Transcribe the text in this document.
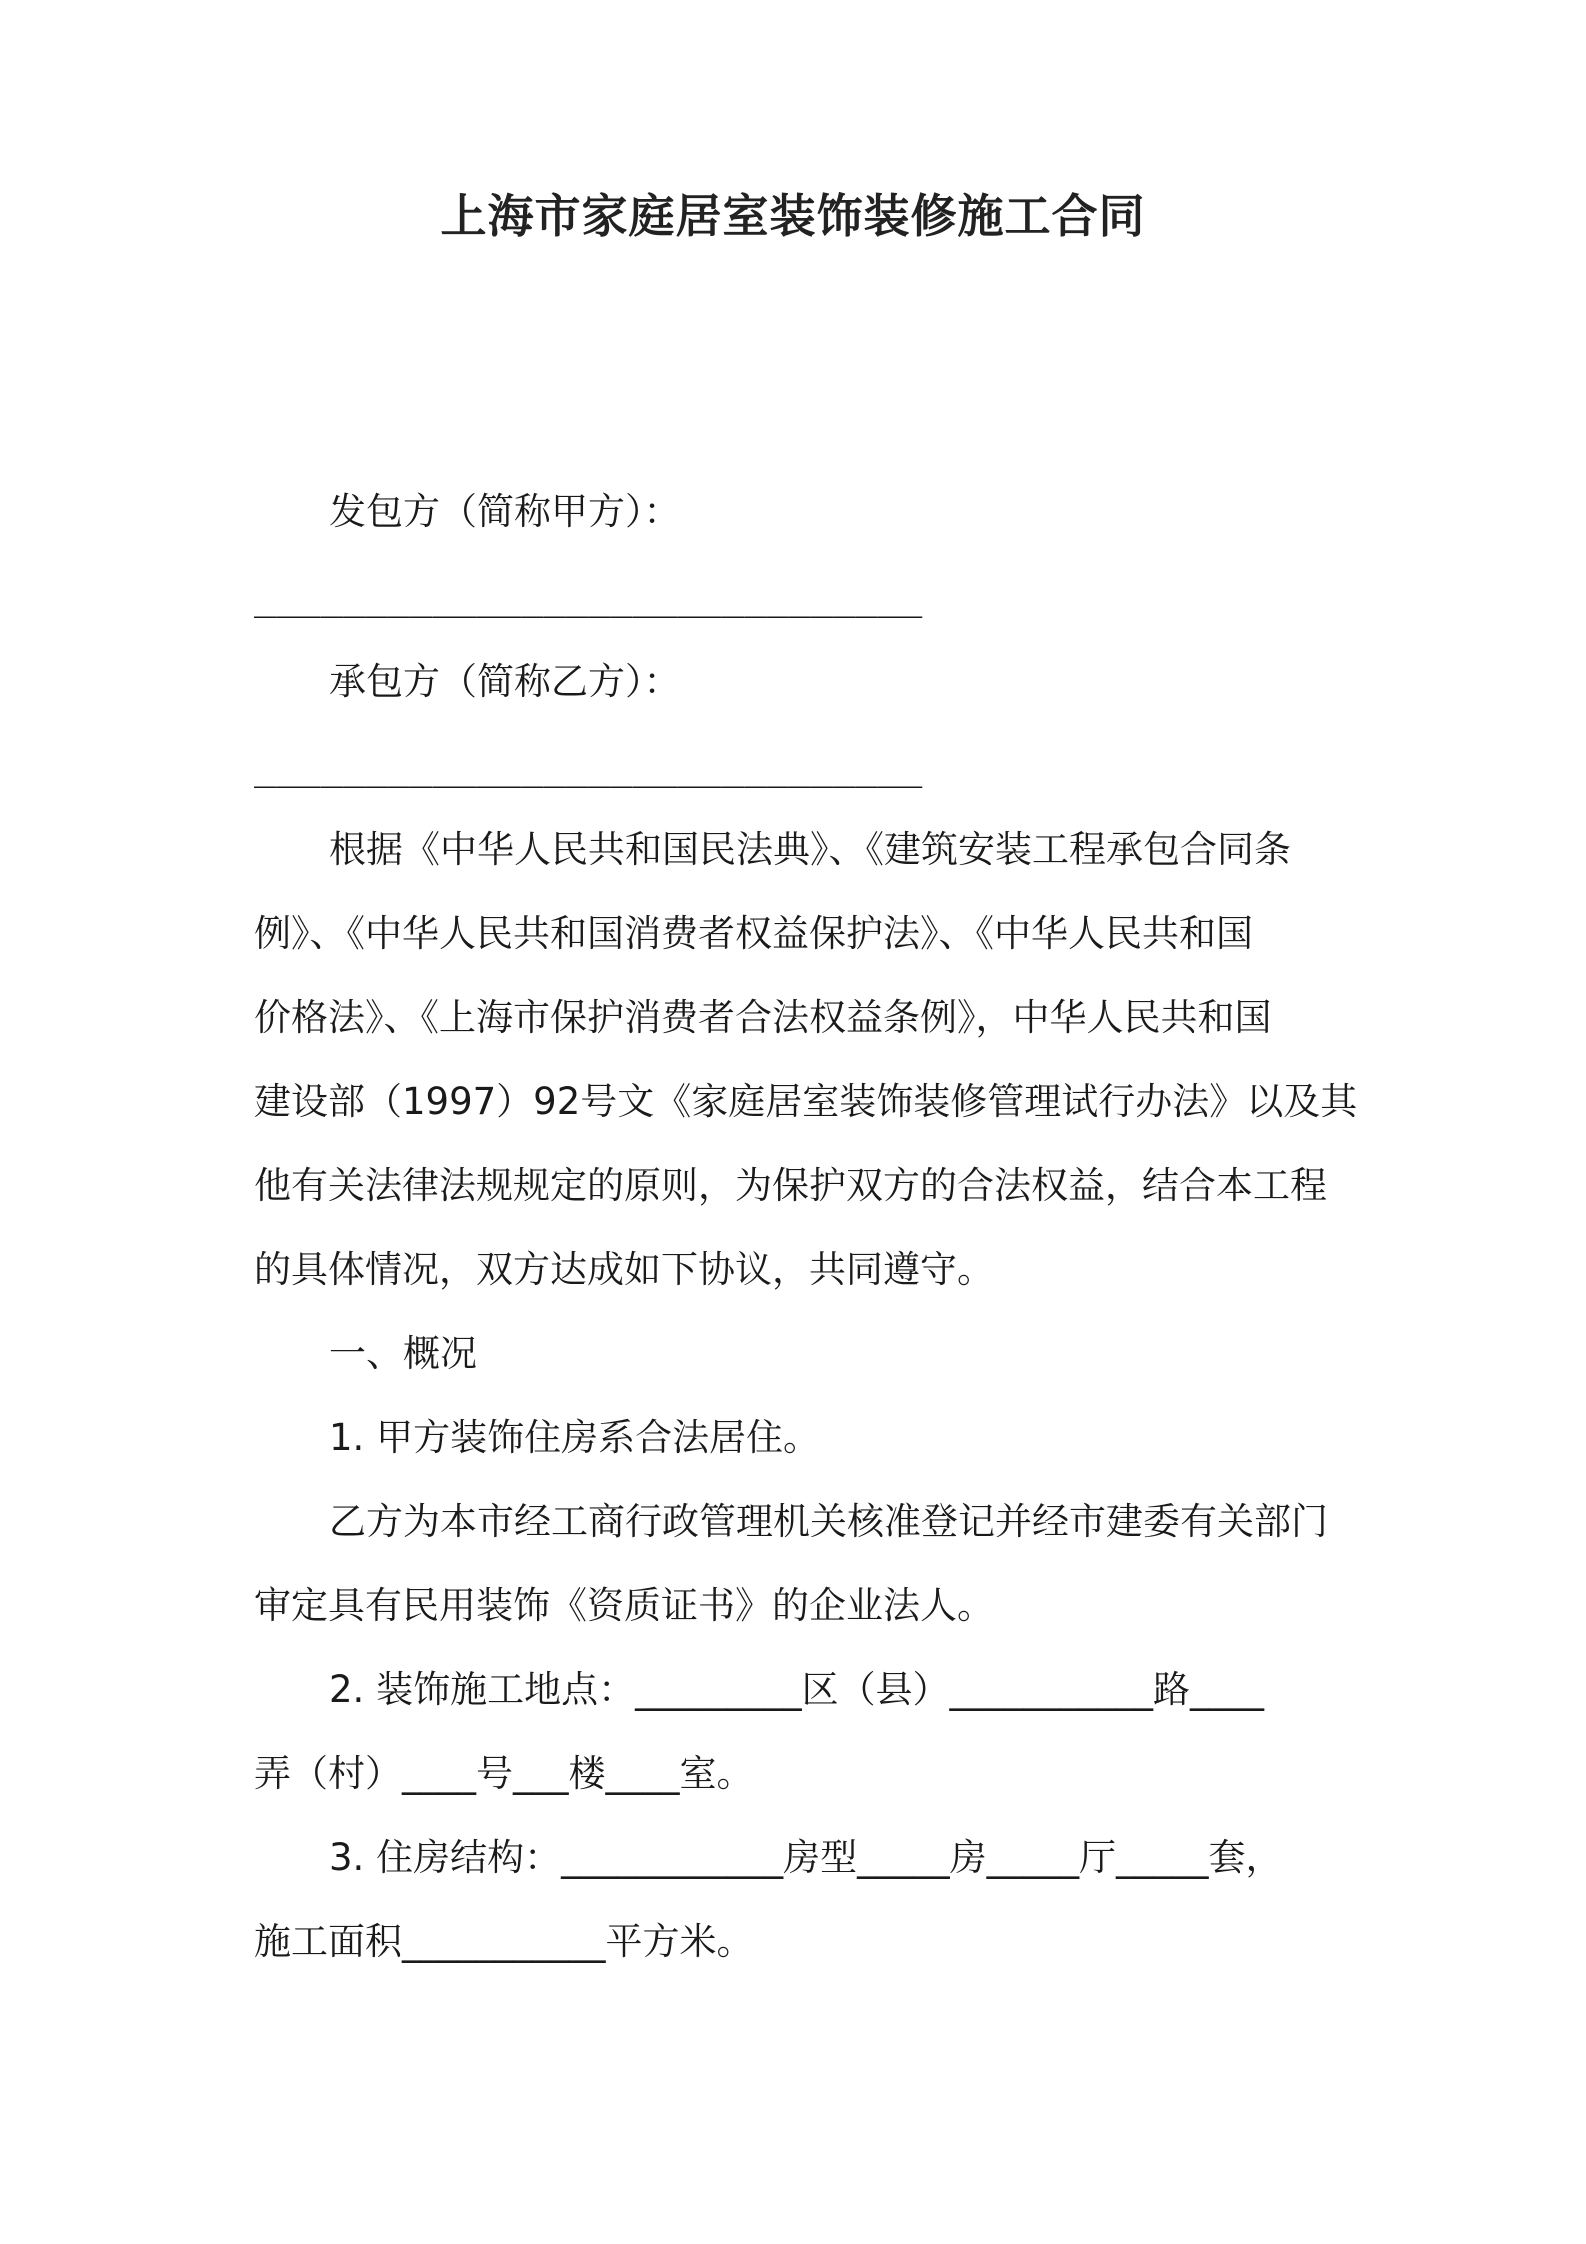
上海市家庭居室装饰装修施工合同

发包方（简称甲方）：

______________________________

承包方（简称乙方）：

______________________________

根据《中华人民共和国民法典》、《建筑安装工程承包合同条

例》、《中华人民共和国消费者权益保护法》、《中华人民共和国

价格法》、《上海市保护消费者合法权益条例》，中华人民共和国

建设部（1997）92号文《家庭居室装饰装修管理试行办法》以及其

他有关法律法规规定的原则，为保护双方的合法权益，结合本工程

的具体情况，双方达成如下协议，共同遵守。

一、概况

1. 甲方装饰住房系合法居住。

乙方为本市经工商行政管理机关核准登记并经市建委有关部门

审定具有民用装饰《资质证书》的企业法人。

2. 装饰施工地点：_________区（县）___________路____

弄（村）____号___楼____室。

3. 住房结构：____________房型_____房_____厅_____套，

施工面积___________平方米。
